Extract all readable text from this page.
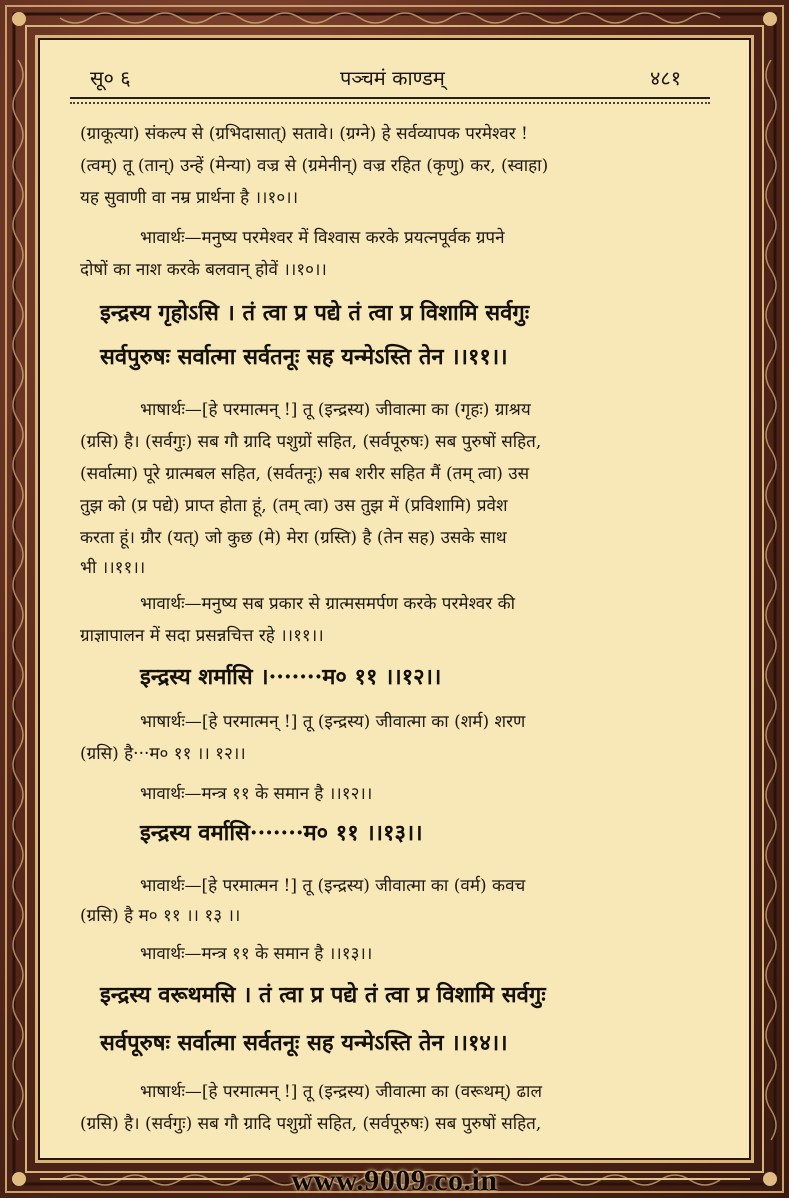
सू० ६	पञ्चमं काण्डम्	४८१
(ग्राकूत्या) संकल्प से (ग्रभिदासात्) सतावे। (ग्रग्ने) हे सर्वव्यापक परमेश्वर !
(त्वम्) तू (तान्) उन्हें (मेन्या) वज्र से (ग्रमेनीन्) वज्र रहित (कृणु) कर, (स्वाहा)
यह सुवाणी वा नम्र प्रार्थना है ।।१०।।
भावार्थः—मनुष्य परमेश्वर में विश्वास करके प्रयत्नपूर्वक ग्रपने
दोषों का नाश करके बलवान् होवें ।।१०।।
इन्द्रस्य गृहोऽसि । तं त्वा प्र पद्ये तं त्वा प्र विशामि सर्वगुः
सर्वपुरुषः सर्वात्मा सर्वतनूः सह यन्मेऽस्ति तेन ।।११।।
भाषार्थः—[हे परमात्मन् !] तू (इन्द्रस्य) जीवात्मा का (गृहः) ग्राश्रय
(ग्रसि) है। (सर्वगुः) सब गौ ग्रादि पशुग्रों सहित, (सर्वपूरुषः) सब पुरुषों सहित,
(सर्वात्मा) पूरे ग्रात्मबल सहित, (सर्वतनूः) सब शरीर सहित मैं (तम् त्वा) उस
तुझ को (प्र पद्ये) प्राप्त होता हूं, (तम् त्वा) उस तुझ में (प्रविशामि) प्रवेश
करता हूं। ग्रौर (यत्) जो कुछ (मे) मेरा (ग्रस्ति) है (तेन सह) उसके साथ
भी ।।११।।
भावार्थः—मनुष्य सब प्रकार से ग्रात्मसमर्पण करके परमेश्वर की
ग्राज्ञापालन में सदा प्रसन्नचित्त रहे ।।११।।
इन्द्रस्य शर्मासि ।·······म० ११ ।।१२।।
भाषार्थः—[हे परमात्मन् !] तू (इन्द्रस्य) जीवात्मा का (शर्म) शरण
(ग्रसि) है···म० ११ ।। १२।।
भावार्थः—मन्त्र ११ के समान है ।।१२।।
इन्द्रस्य वर्मासि·······म० ११ ।।१३।।
भावार्थः—[हे परमात्मन !] तू (इन्द्रस्य) जीवात्मा का (वर्म) कवच
(ग्रसि) है म० ११ ।। १३ ।।
भावार्थः—मन्त्र ११ के समान है ।।१३।।
इन्द्रस्य वरूथमसि । तं त्वा प्र पद्ये तं त्वा प्र विशामि सर्वगुः
सर्वपूरुषः सर्वात्मा सर्वतनूः सह यन्मेऽस्ति तेन ।।१४।।
भाषार्थः—[हे परमात्मन् !] तू (इन्द्रस्य) जीवात्मा का (वरूथम्) ढाल
(ग्रसि) है। (सर्वगुः) सब गौ ग्रादि पशुग्रों सहित, (सर्वपूरुषः) सब पुरुषों सहित,
www.9009.co.in
